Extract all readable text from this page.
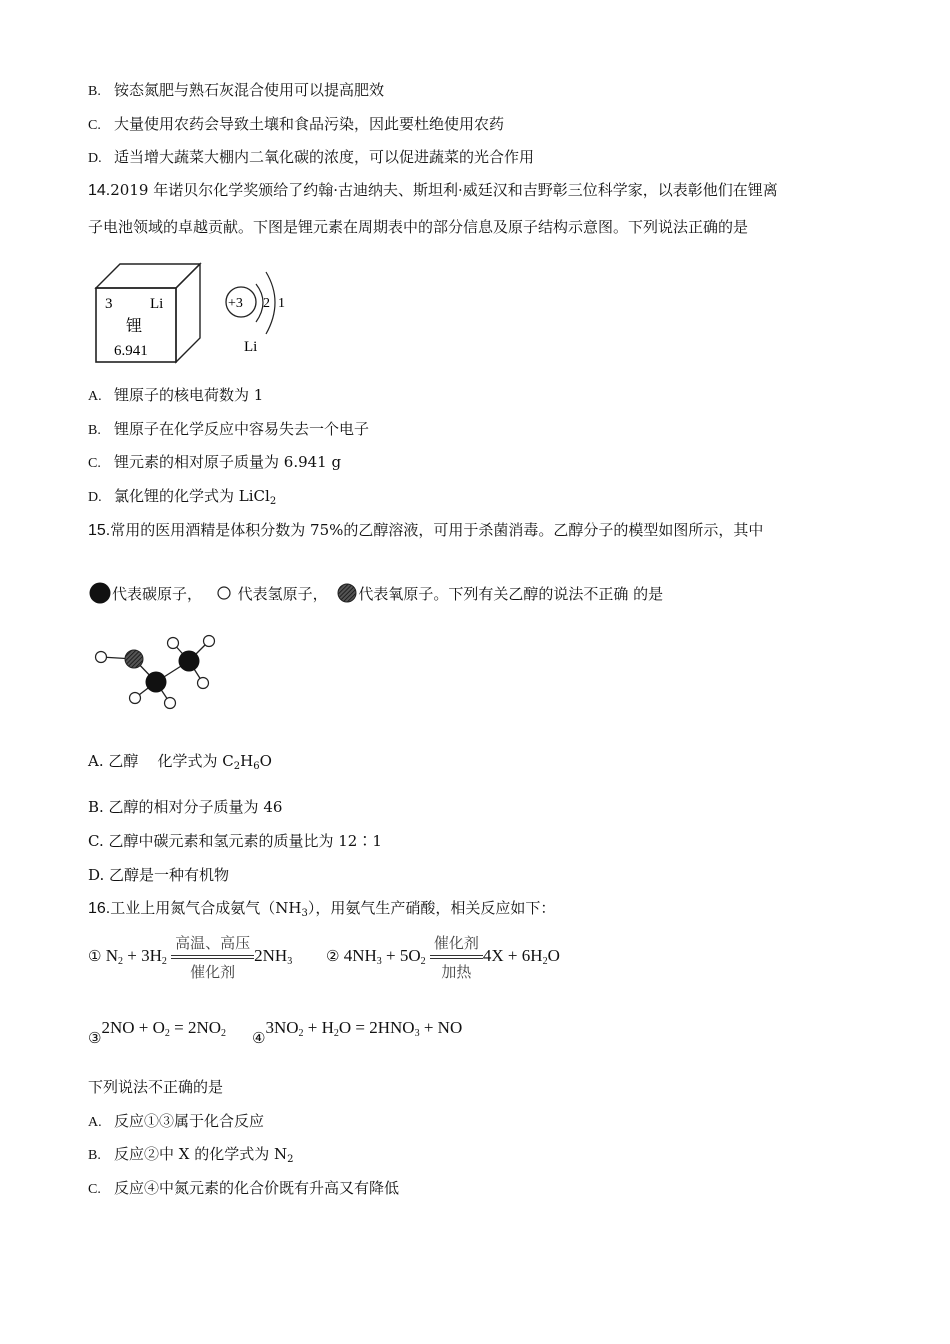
B. 铵态氮肥与熟石灰混合使用可以提高肥效
C. 大量使用农药会导致土壤和食品污染，因此要杜绝使用农药
D. 适当增大蔬菜大棚内二氧化碳的浓度，可以促进蔬菜的光合作用
14.2019 年诺贝尔化学奖颁给了约翰·古迪纳夫、斯坦利·威廷汉和吉野彰三位科学家，以表彰他们在锂离
子电池领域的卓越贡献。下图是锂元素在周期表中的部分信息及原子结构示意图。下列说法正确的是
3	Li
锂
6.941
+3 2 1
Li
A. 锂原子的核电荷数为 1
B. 锂原子在化学反应中容易失去一个电子
C. 锂元素的相对原子质量为 6.941 g
D. 氯化锂的化学式为 LiCl$_2$
15.常用的医用酒精是体积分数为 75%的乙醇溶液，可用于杀菌消毒。乙醇分子的模型如图所示，其中
代表碳原子， 代表氢原子， 代表氧原子。下列有关乙醇的说法不正确 的是
A. 乙醇 化学式为 $C_2H_6O$
B. 乙醇的相对分子质量为 46
C. 乙醇中碳元素和氢元素的质量比为 12∶1
D. 乙醇是一种有机物
16.工业上用氮气合成氨气$(NH_3)$，用氨气生产硝酸，相关反应如下：
① $N_2 + 3H_2 \frac{\text{高温、高压}}{\text{催化剂}} 2NH_3$ ② $4NH_3 + 5O_2 \frac{\text{催化剂}}{\text{加热}} 4X + 6H_2O$
③2NO + $O_2 = 2NO_2$ $④3NO_2 + H_2O = 2HNO_3$ + NO
下列说法不正确的是
A. 反应①③属于化合反应
B. 反应②中 X 的化学式为 $N_2$
C. 反应④中氮元素的化合价既有升高又有降低
